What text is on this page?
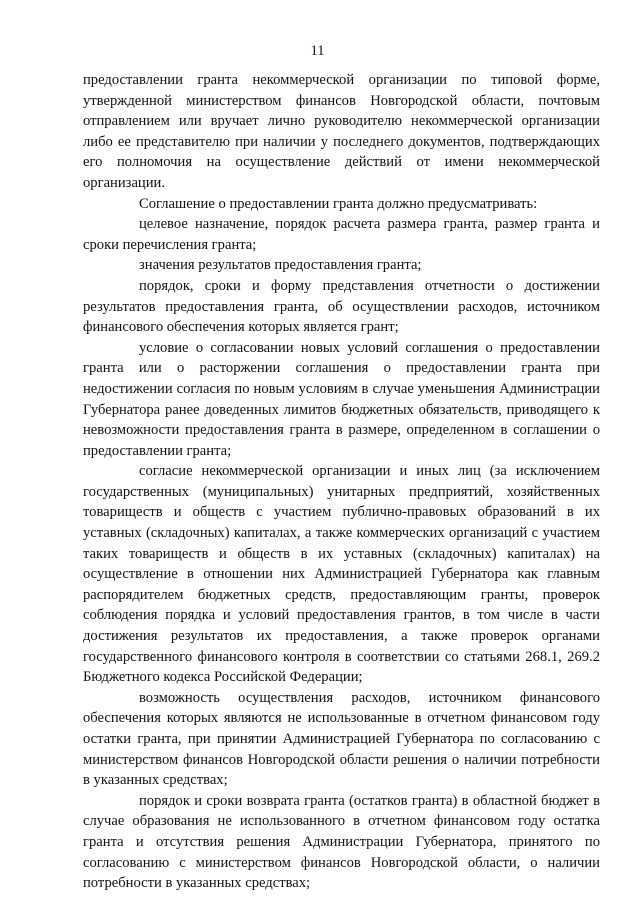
11

предоставлении гранта некоммерческой организации по типовой форме, утвержденной министерством финансов Новгородской области, почтовым отправлением или вручает лично руководителю некоммерческой организации либо ее представителю при наличии у последнего документов, подтверждающих его полномочия на осуществление действий от имени некоммерческой организации.

Соглашение о предоставлении гранта должно предусматривать:

целевое назначение, порядок расчета размера гранта, размер гранта и сроки перечисления гранта;

значения результатов предоставления гранта;

порядок, сроки и форму представления отчетности о достижении результатов предоставления гранта, об осуществлении расходов, источником финансового обеспечения которых является грант;

условие о согласовании новых условий соглашения о предоставлении гранта или о расторжении соглашения о предоставлении гранта при недостижении согласия по новым условиям в случае уменьшения Администрации Губернатора ранее доведенных лимитов бюджетных обязательств, приводящего к невозможности предоставления гранта в размере, определенном в соглашении о предоставлении гранта;

согласие некоммерческой организации и иных лиц (за исключением государственных (муниципальных) унитарных предприятий, хозяйственных товариществ и обществ с участием публично-правовых образований в их уставных (складочных) капиталах, а также коммерческих организаций с участием таких товариществ и обществ в их уставных (складочных) капиталах) на осуществление в отношении них Администрацией Губернатора как главным распорядителем бюджетных средств, предоставляющим гранты, проверок соблюдения порядка и условий предоставления грантов, в том числе в части достижения результатов их предоставления, а также проверок органами государственного финансового контроля в соответствии со статьями 268.1, 269.2 Бюджетного кодекса Российской Федерации;

возможность осуществления расходов, источником финансового обеспечения которых являются не использованные в отчетном финансовом году остатки гранта, при принятии Администрацией Губернатора по согласованию с министерством финансов Новгородской области решения о наличии потребности в указанных средствах;

порядок и сроки возврата гранта (остатков гранта) в областной бюджет в случае образования не использованного в отчетном финансовом году остатка гранта и отсутствия решения Администрации Губернатора, принятого по согласованию с министерством финансов Новгородской области, о наличии потребности в указанных средствах;
